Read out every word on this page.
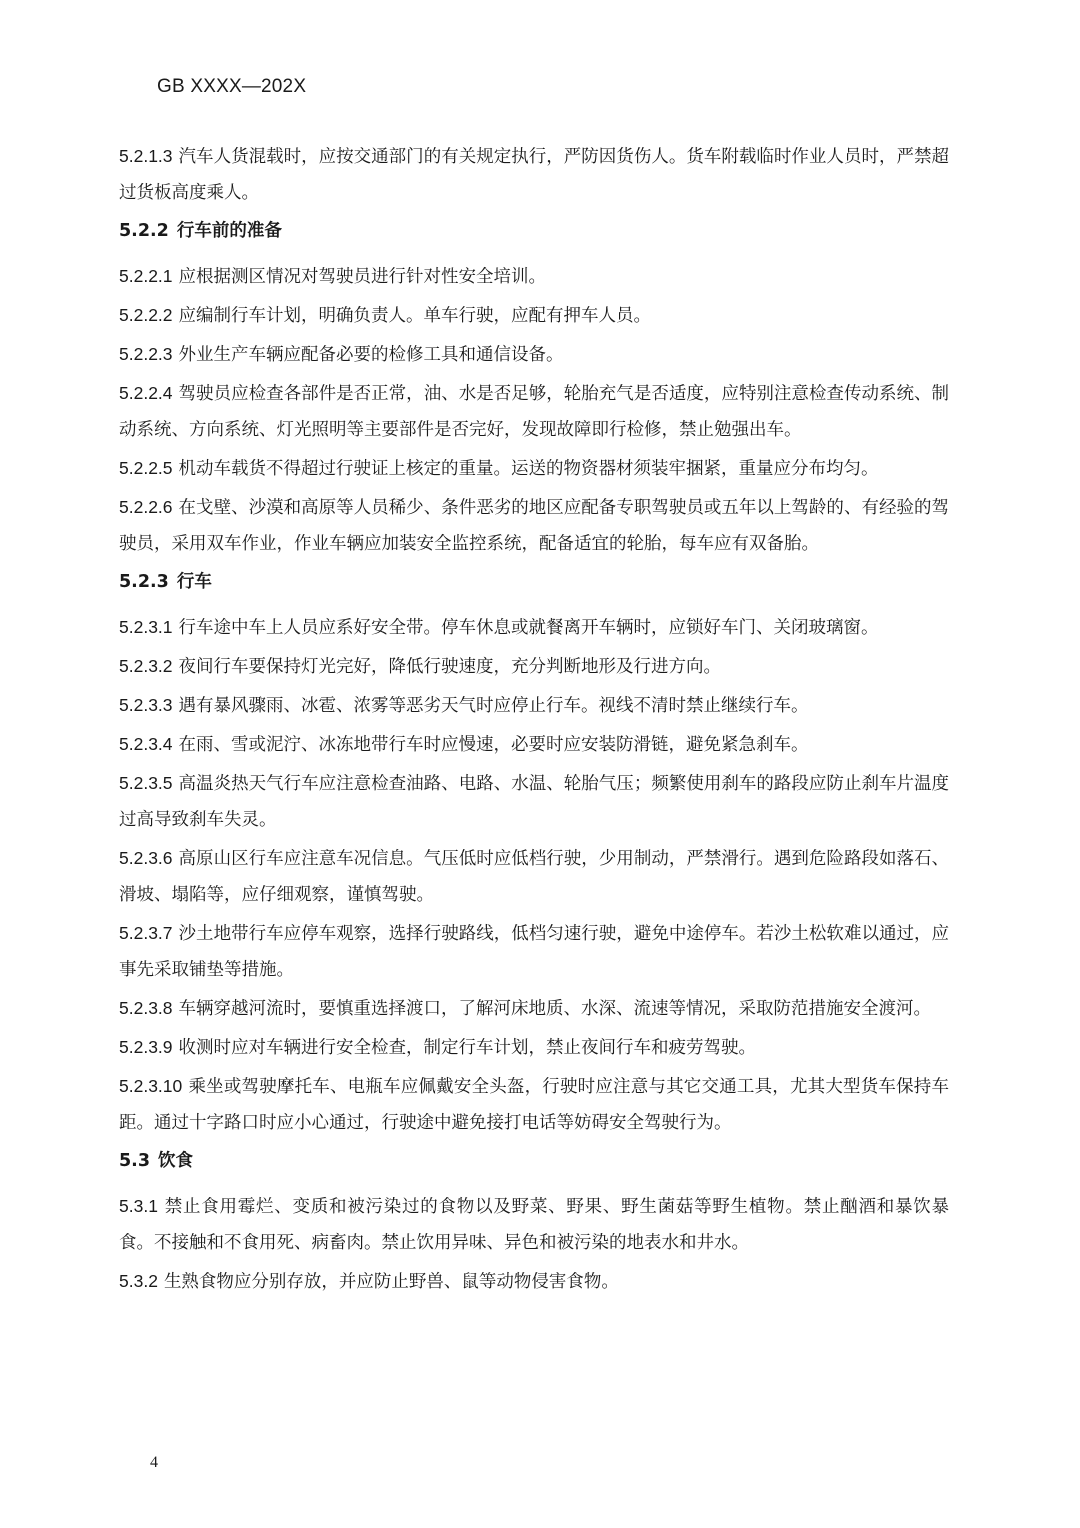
GB XXXX—202X

5.2.1.3 汽车人货混载时，应按交通部门的有关规定执行，严防因货伤人。货车附载临时作业人员时，严禁超过货板高度乘人。

5.2.2 行车前的准备

5.2.2.1 应根据测区情况对驾驶员进行针对性安全培训。

5.2.2.2 应编制行车计划，明确负责人。单车行驶，应配有押车人员。

5.2.2.3 外业生产车辆应配备必要的检修工具和通信设备。

5.2.2.4 驾驶员应检查各部件是否正常，油、水是否足够，轮胎充气是否适度，应特别注意检查传动系统、制动系统、方向系统、灯光照明等主要部件是否完好，发现故障即行检修，禁止勉强出车。

5.2.2.5 机动车载货不得超过行驶证上核定的重量。运送的物资器材须装牢捆紧，重量应分布均匀。

5.2.2.6 在戈壁、沙漠和高原等人员稀少、条件恶劣的地区应配备专职驾驶员或五年以上驾龄的、有经验的驾驶员，采用双车作业，作业车辆应加装安全监控系统，配备适宜的轮胎，每车应有双备胎。

5.2.3 行车

5.2.3.1 行车途中车上人员应系好安全带。停车休息或就餐离开车辆时，应锁好车门、关闭玻璃窗。

5.2.3.2 夜间行车要保持灯光完好，降低行驶速度，充分判断地形及行进方向。

5.2.3.3 遇有暴风骤雨、冰雹、浓雾等恶劣天气时应停止行车。视线不清时禁止继续行车。

5.2.3.4 在雨、雪或泥泞、冰冻地带行车时应慢速，必要时应安装防滑链，避免紧急刹车。

5.2.3.5 高温炎热天气行车应注意检查油路、电路、水温、轮胎气压；频繁使用刹车的路段应防止刹车片温度过高导致刹车失灵。

5.2.3.6 高原山区行车应注意车况信息。气压低时应低档行驶，少用制动，严禁滑行。遇到危险路段如落石、滑坡、塌陷等，应仔细观察，谨慎驾驶。

5.2.3.7 沙土地带行车应停车观察，选择行驶路线，低档匀速行驶，避免中途停车。若沙土松软难以通过，应事先采取铺垫等措施。

5.2.3.8 车辆穿越河流时，要慎重选择渡口，了解河床地质、水深、流速等情况，采取防范措施安全渡河。

5.2.3.9 收测时应对车辆进行安全检查，制定行车计划，禁止夜间行车和疲劳驾驶。

5.2.3.10 乘坐或驾驶摩托车、电瓶车应佩戴安全头盔，行驶时应注意与其它交通工具，尤其大型货车保持车距。通过十字路口时应小心通过，行驶途中避免接打电话等妨碍安全驾驶行为。

5.3 饮食

5.3.1 禁止食用霉烂、变质和被污染过的食物以及野菜、野果、野生菌菇等野生植物。禁止酗酒和暴饮暴食。不接触和不食用死、病畜肉。禁止饮用异味、异色和被污染的地表水和井水。

5.3.2 生熟食物应分别存放，并应防止野兽、鼠等动物侵害食物。

4
